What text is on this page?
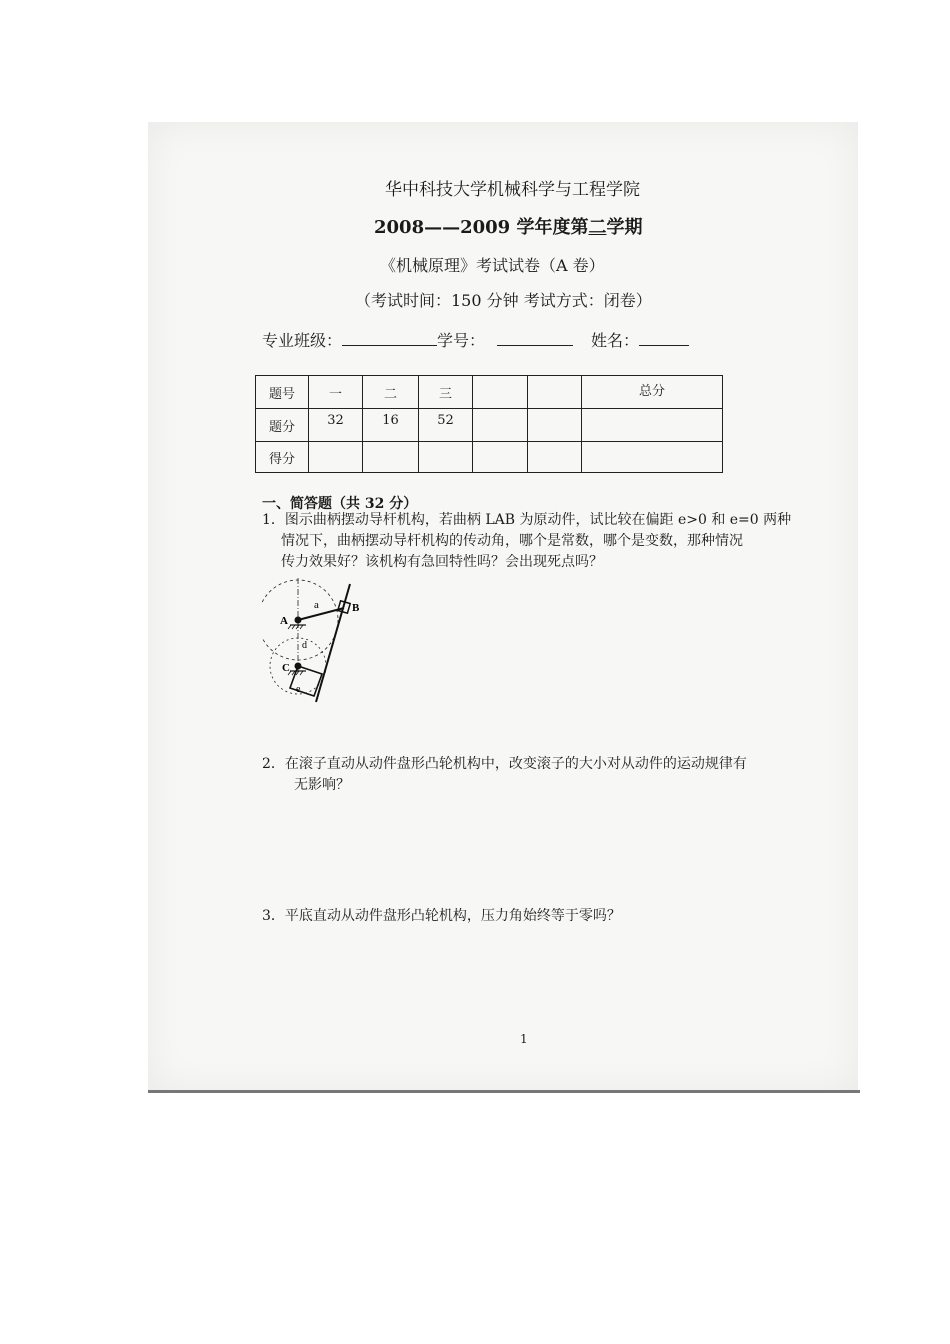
华中科技大学机械科学与工程学院
2008——2009 学年度第二学期
《机械原理》考试试卷（A 卷）
（考试时间：150 分钟 考试方式：闭卷）
专业班级：	学号：	姓名：
题号	一	二	三			总分
题分	32	16	52			
得分						
一、简答题（共 32 分）
1．图示曲柄摆动导杆机构，若曲柄 LAB 为原动件，试比较在偏距 e>0 和 e=0 两种
情况下，曲柄摆动导杆机构的传动角，哪个是常数，哪个是变数，那种情况
传力效果好？该机构有急回特性吗？会出现死点吗？
a	B
A
d
C
e
2．在滚子直动从动件盘形凸轮机构中，改变滚子的大小对从动件的运动规律有
无影响？
3．平底直动从动件盘形凸轮机构，压力角始终等于零吗？
1
